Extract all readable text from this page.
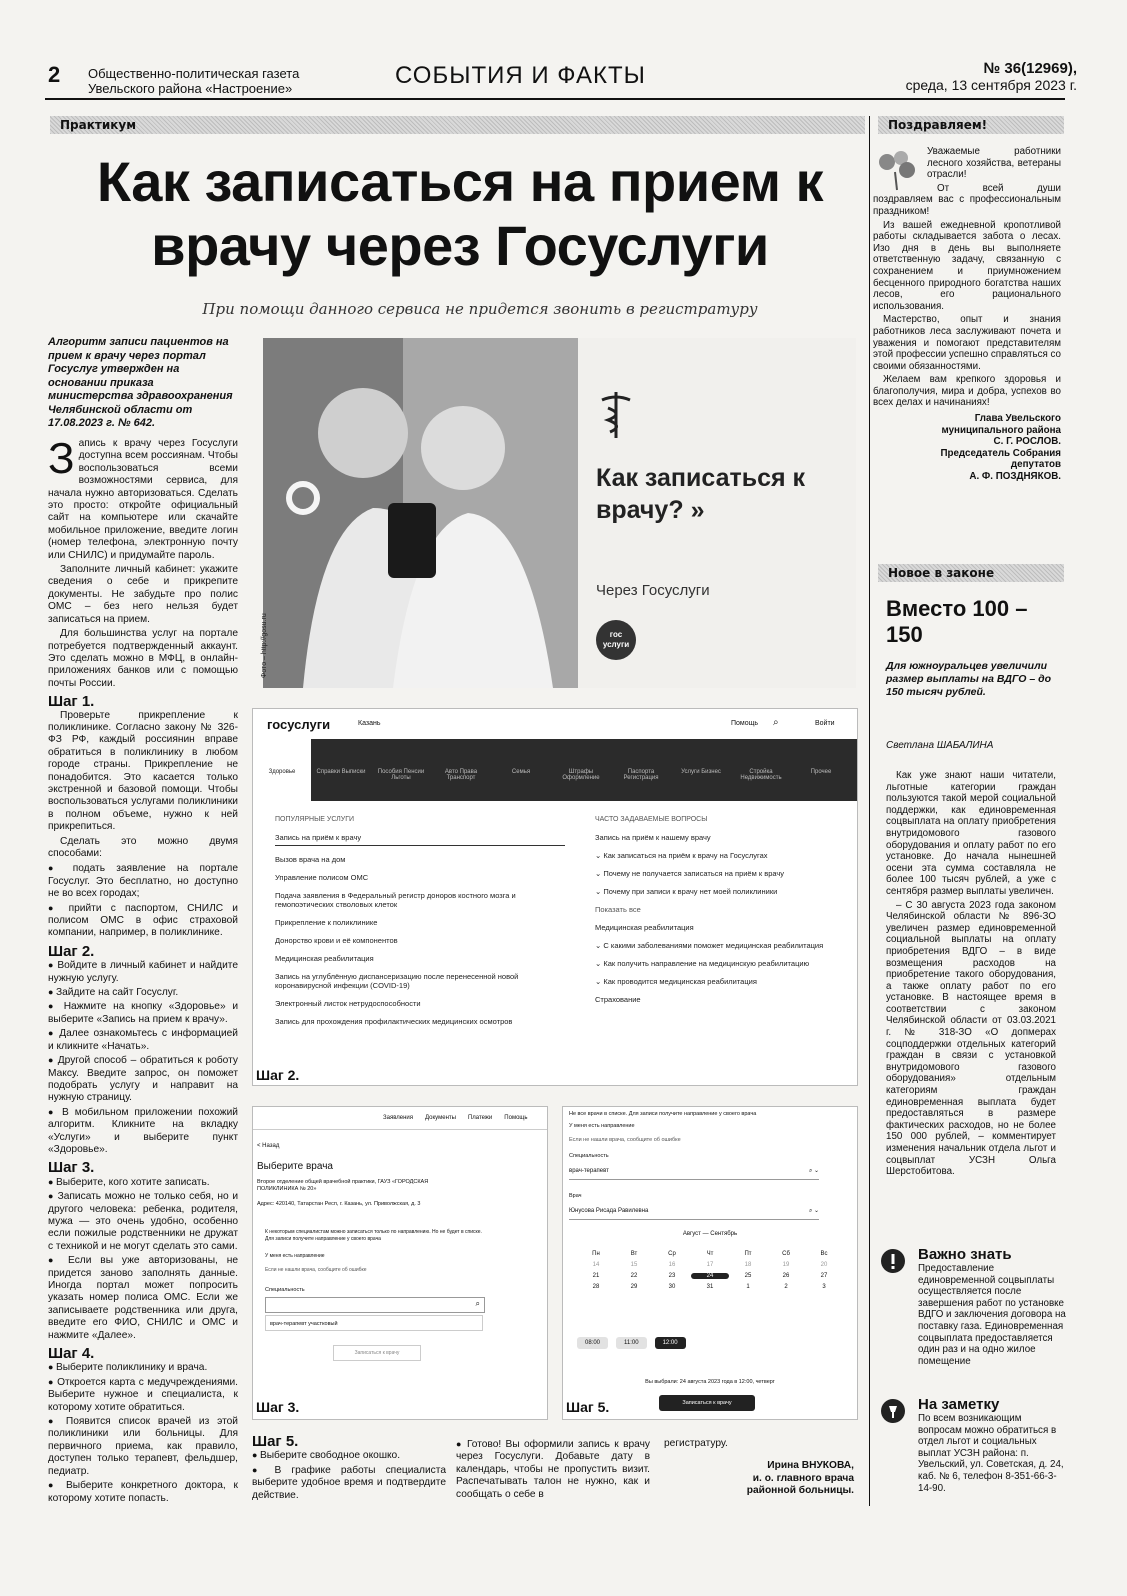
2 Общественно-политическая газета
Увельского района «Настроение»	СОБЫТИЯ И ФАКТЫ	№ 36(12969),
среда, 13 сентября 2023 г.
Практикум	Поздравляем!
Как записаться на прием к врачу через Госуслуги
При помощи данного сервиса не придется звонить в регистратуру
Алгоритм записи пациентов на прием к врачу через портал Госуслуг утвержден на основании приказа министерства здравоохранения Челябинской области от 17.08.2023 г. № 642.

Запись к врачу через Госуслуги доступна всем россиянам. Чтобы воспользоваться всеми возможностями сервиса, для начала нужно авторизоваться. Сделать это просто: откройте официальный сайт на компьютере или скачайте мобильное приложение, введите логин (номер телефона, электронную почту или СНИЛС) и придумайте пароль.

Заполните личный кабинет: укажите сведения о себе и прикрепите документы. Не забудьте про полис ОМС – без него нельзя будет записаться на прием.

Для большинства услуг на портале потребуется подтвержденный аккаунт. Это сделать можно в МФЦ, в онлайн-приложениях банков или с помощью почты России.

Шаг 1.

Проверьте прикрепление к поликлинике. Согласно закону № 326-ФЗ РФ, каждый россиянин вправе обратиться в поликлинику в любом городе страны. Прикрепление не понадобится. Это касается только экстренной и базовой помощи. Чтобы воспользоваться услугами поликлиники в полном объеме, нужно к ней прикрепиться.

Сделать это можно двумя способами:

● подать заявление на портале Госуслуг. Это бесплатно, но доступно не во всех городах;
● прийти с паспортом, СНИЛС и полисом ОМС в офис страховой компании, например, в поликлинике.
Шаг 2.
● Войдите в личный кабинет и найдите нужную услугу.
● Зайдите на сайт Госуслуг.
● Нажмите на кнопку «Здоровье» и выберите «Запись на прием к врачу».
● Далее ознакомьтесь с информацией и кликните «Начать».
● Другой способ – обратиться к роботу Максу. Введите запрос, он поможет подобрать услугу и направит на нужную страницу.
● В мобильном приложении похожий алгоритм. Кликните на вкладку «Услуги» и выберите пункт «Здоровье».
Шаг 3.
● Выберите, кого хотите записать.
● Записать можно не только себя, но и другого человека: ребенка, родителя, мужа — это очень удобно, особенно если пожилые родственники не дружат с техникой и не могут сделать это сами.
● Если вы уже авторизованы, не придется заново заполнять данные. Иногда портал может попросить указать номер полиса ОМС. Если же записываете родственника или друга, введите его ФИО, СНИЛС и ОМС и нажмите «Далее».
Шаг 4.
● Выберите поликлинику и врача.
● Откроется карта с медучреждениями. Выберите нужное и специалиста, к которому хотите обратиться.
● Появится список врачей из этой поликлиники или больницы. Для первичного приема, как правило, доступен только терапевт, фельдшер, педиатр.
● Выберите конкретного доктора, к которому хотите попасть.
Фото – http://gosu.ru
Как записаться к врачу? »
Через Госуслуги
гос
услуги
госуслуги	Казань	Помощь ⌕	Войти
Здоровье	Справки Выписки	Пособия Пенсии Льготы
Авто Права Транспорт
Семья	Штрафы Оформление
Паспорта Регистрация
Услуги Бизнес	Стройка Недвижимость
Прочее
ПОПУЛЯРНЫЕ УСЛУГИ
Запись на приём к врачу
Вызов врача на дом
Управление полисом ОМС
Подача заявления в Федеральный регистр доноров костного мозга и гемопоэтических стволовых клеток
Прикрепление к поликлинике
Донорство крови и её компонентов
Медицинская реабилитация
Запись на углублённую диспансеризацию после перенесенной новой коронавирусной инфекции (COVID-19)
Электронный листок нетрудоспособности
Запись для прохождения профилактических медицинских осмотров
ЧАСТО ЗАДАВАЕМЫЕ ВОПРОСЫ
Запись на приём к нашему врачу
⌄ Как записаться на приём к врачу на Госуслугах
⌄ Почему не получается записаться на приём к врачу
⌄ Почему при записи к врачу нет моей поликлиники
Показать все
Медицинская реабилитация
⌄ С какими заболеваниями поможет медицинская реабилитация
⌄ Как получить направление на медицинскую реабилитацию
⌄ Как проводится медицинская реабилитация
Страхование
Шаг 2.
Заявления Документы Платежи Помощь
< Назад
Выберите врача
Второе отделение общей врачебной практики, ГАУЗ «ГОРОДСКАЯ ПОЛИКЛИНИКА № 20»
Адрес: 420140, Татарстан Респ, г. Казань, ул. Приволжская, д. 3
К некоторым специалистам можно записаться только по направлению. Но не будет в списке. Для записи получите направление у своего врача
У меня есть направление
Если не нашли врача, сообщите об ошибке
Специальность
⌕
врач-терапевт участковый
Записаться к врачу
Шаг 3.
Не все врачи в списке. Для записи получите направление у своего врача
У меня есть направление
Если не нашли врача, сообщите об ошибке
Специальность
врач-терапевт	⌕ ⌄
Врач
Юнусова Рисада Равилевна	⌕ ⌄
Август — Сентябрь
Пн	Вт	Ср	Чт	Пт	Сб	Вс
14	15	16	17	18	19	20
21	22	23	24	25	26	27
28	29	30	31	1	2	3
08:00	11:00	12:00
Вы выбрали: 24 августа 2023 года в 12:00, четверг
Записаться к врачу
Шаг 5.
Шаг 5.
● Выберите свободное окошко.
● В графике работы специалиста выберите удобное время и подтвердите действие.
● Готово! Вы оформили запись к врачу через Госуслуги. Добавьте дату в календарь, чтобы не пропустить визит. Распечатывать талон не нужно, как и сообщать о себе в

регистратуру.

Ирина ВНУКОВА,
и. о. главного врача
районной больницы.

Уважаемые работники лесного хозяйства, ветераны отрасли!

От всей души поздравляем вас с профессиональным праздником!

Из вашей ежедневной кропотливой работы складывается забота о лесах. Изо дня в день вы выполняете ответственную задачу, связанную с сохранением и приумножением бесценного природного богатства наших лесов, его рационального использования.

Мастерство, опыт и знания работников леса заслуживают почета и уважения и помогают представителям этой профессии успешно справляться со своими обязанностями.

Желаем вам крепкого здоровья и благополучия, мира и добра, успехов во всех делах и начинаниях!

Глава Увельского
муниципального района
С. Г. РОСЛОВ.
Председатель Собрания
депутатов
А. Ф. ПОЗДНЯКОВ.
Новое в законе
Вместо 100 – 150
Для южноуральцев увеличили размер выплаты на ВДГО – до 150 тысяч рублей.
Светлана ШАБАЛИНА

Как уже знают наши читатели, льготные категории граждан пользуются такой мерой социальной поддержки, как единовременная соцвыплата на оплату приобретения внутридомового газового оборудования и оплату работ по его установке. До начала нынешней осени эта сумма составляла не более 100 тысяч рублей, а уже с сентября размер выплаты увеличен.

– С 30 августа 2023 года законом Челябинской области № 896-ЗО увеличен размер единовременной социальной выплаты на оплату приобретения ВДГО – в виде возмещения расходов на приобретение такого оборудования, а также оплату работ по его установке. В настоящее время в соответствии с законом Челябинской области от 03.03.2021 г. № 318-ЗО «О допмерах соцподдержки отдельных категорий граждан в связи с установкой внутридомового газового оборудования» отдельным категориям граждан единовременная выплата будет предоставляться в размере фактических расходов, но не более 150 000 рублей, – комментирует изменения начальник отдела льгот и соцвыплат УСЗН Ольга Шерстобитова.

Важно знать
Предоставление единовременной соцвыплаты осуществляется после завершения работ по установке ВДГО и заключения договора на поставку газа. Единовременная соцвыплата предоставляется один раз и на одно жилое помещение
На заметку
По всем возникающим вопросам можно обратиться в отдел льгот и социальных выплат УСЗН района: п. Увельский, ул. Советская, д. 24, каб. № 6, телефон 8-351-66-3-14-90.
